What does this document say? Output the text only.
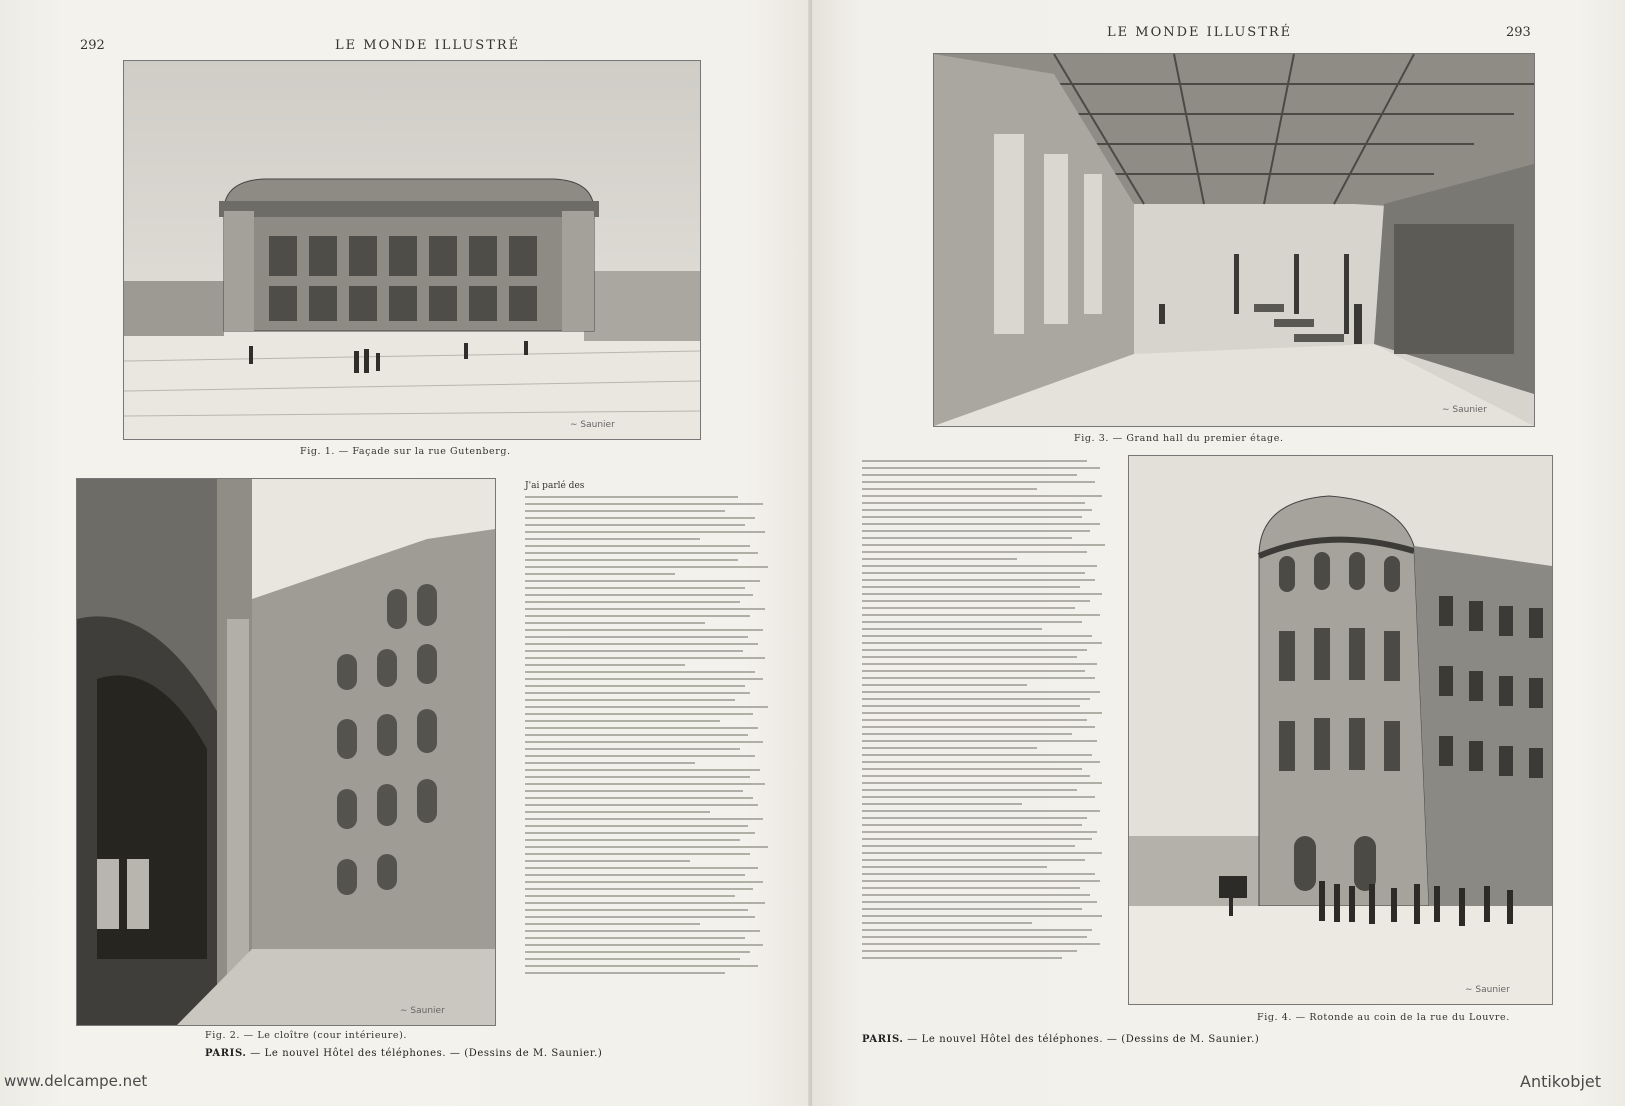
292	LE MONDE ILLUSTRÉ
∼ Saunier
Fig. 1. — Façade sur la rue Gutenberg.
∼ Saunier
Fig. 2. — Le cloître (cour intérieure).
J'ai parlé des
PARIS. — Le nouvel Hôtel des téléphones. — (Dessins de M. Saunier.)
www.delcampe.net
LE MONDE ILLUSTRÉ	293
∼ Saunier
Fig. 3. — Grand hall du premier étage.
∼ Saunier
Fig. 4. — Rotonde au coin de la rue du Louvre.
PARIS. — Le nouvel Hôtel des téléphones. — (Dessins de M. Saunier.)
Antikobjet
